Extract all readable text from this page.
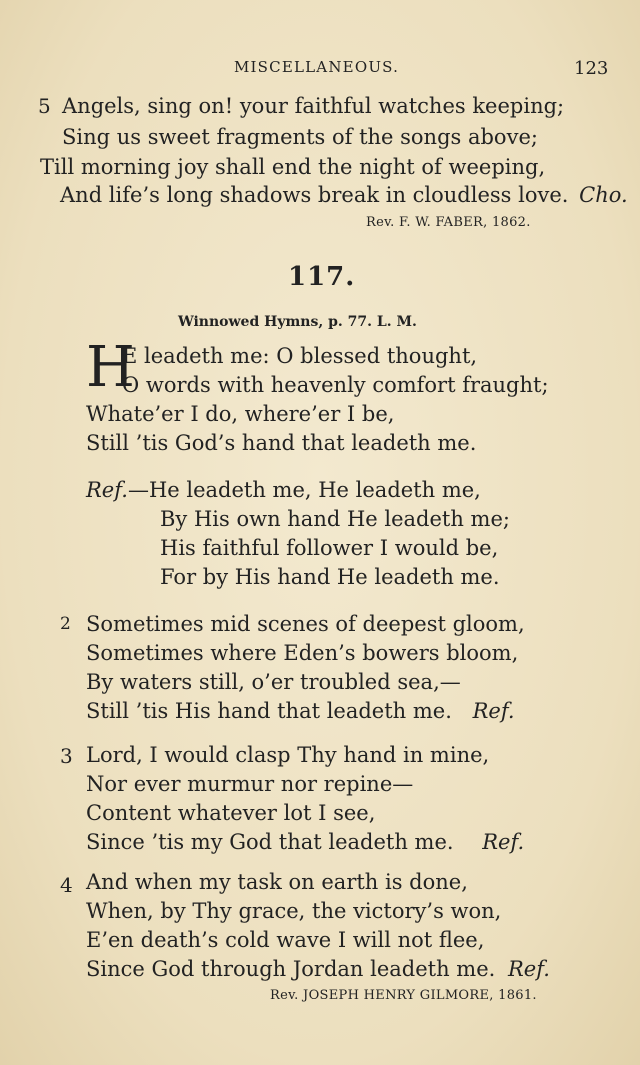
MISCELLANEOUS.	123
5 Angels, sing on! your faithful watches keeping;
Sing us sweet fragments of the songs above;
Till morning joy shall end the night of weeping,
And life’s long shadows break in cloudless love. Cho.
Rev. F. W. FABER, 1862.
117.
Winnowed Hymns, p. 77. L. M.
H
E leadeth me: O blessed thought,
O words with heavenly comfort fraught;
Whate’er I do, where’er I be,
Still ’tis God’s hand that leadeth me.
Ref.—He leadeth me, He leadeth me,
By His own hand He leadeth me;
His faithful follower I would be,
For by His hand He leadeth me.
2 Sometimes mid scenes of deepest gloom,
Sometimes where Eden’s bowers bloom,
By waters still, o’er troubled sea,—
Still ’tis His hand that leadeth me. Ref.
3 Lord, I would clasp Thy hand in mine,
Nor ever murmur nor repine—
Content whatever lot I see,
Since ’tis my God that leadeth me. Ref.
4 And when my task on earth is done,
When, by Thy grace, the victory’s won,
E’en death’s cold wave I will not flee,
Since God through Jordan leadeth me. Ref.
Rev. JOSEPH HENRY GILMORE, 1861.
